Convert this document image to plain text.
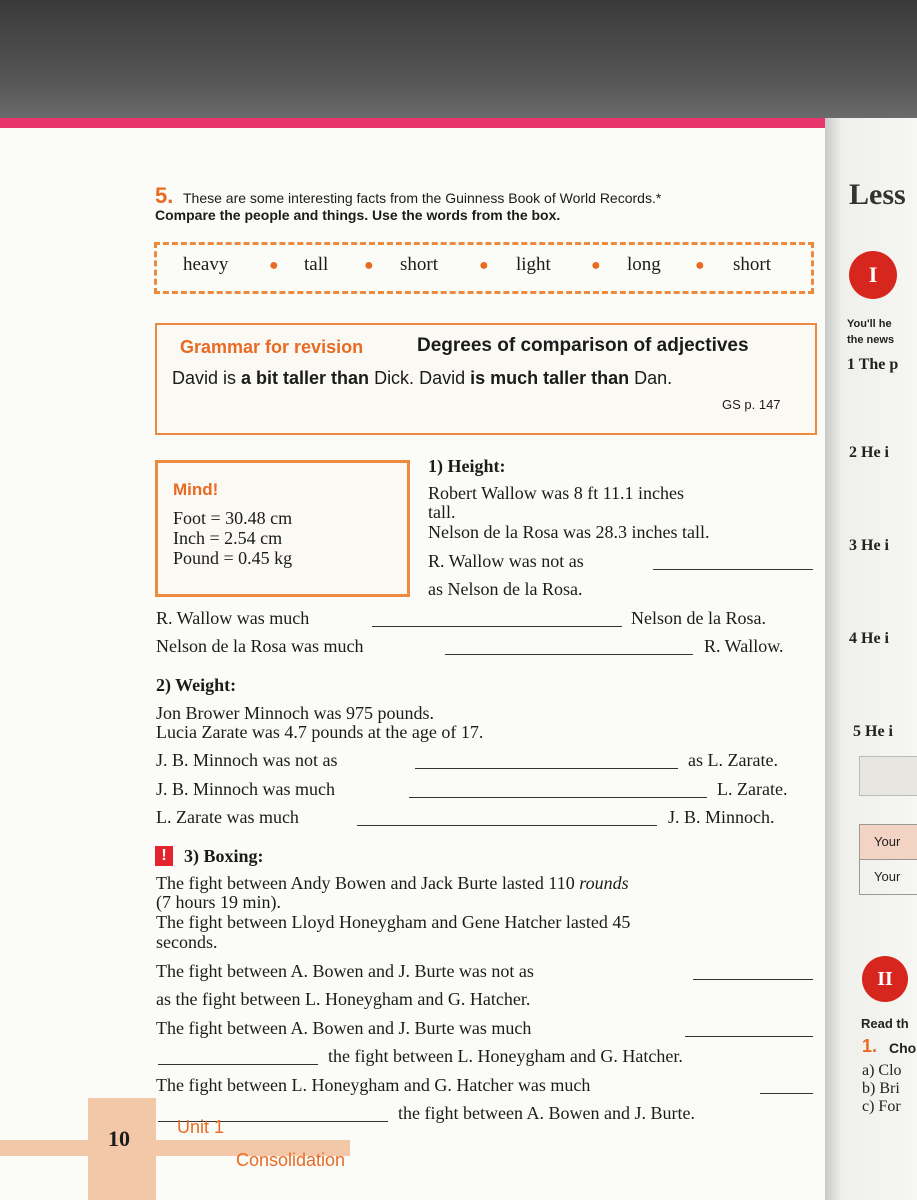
5. These are some interesting facts from the Guinness Book of World Records.*
Compare the people and things. Use the words from the box.
heavy	● tall ● short	● light	● long ● short
Grammar for revision	Degrees of comparison of adjectives
David is a bit taller than Dick. David is much taller than Dan.
GS p. 147
Mind!
Foot = 30.48 cm
Inch = 2.54 cm
Pound = 0.45 kg
1) Height:
Robert Wallow was 8 ft 11.1 inches
tall.
Nelson de la Rosa was 28.3 inches tall.
R. Wallow was not as
as Nelson de la Rosa.
R. Wallow was much	Nelson de la Rosa.
Nelson de la Rosa was much	R. Wallow.
2) Weight:
Jon Brower Minnoch was 975 pounds.
Lucia Zarate was 4.7 pounds at the age of 17.
J. B. Minnoch was not as	as L. Zarate.
J. B. Minnoch was much	L. Zarate.
L. Zarate was much	J. B. Minnoch.
! 3) Boxing:
The fight between Andy Bowen and Jack Burte lasted 110 rounds
(7 hours 19 min).
The fight between Lloyd Honeygham and Gene Hatcher lasted 45
seconds.
The fight between A. Bowen and J. Burte was not as
as the fight between L. Honeygham and G. Hatcher.
The fight between A. Bowen and J. Burte was much
the fight between L. Honeygham and G. Hatcher.
The fight between L. Honeygham and G. Hatcher was much
the fight between A. Bowen and J. Burte.
10	Unit 1
Consolidation
Less
I
You'll he
the news
1 The p
2 He i
3 He i
4 He i
5 He i
Your
Your
II
Read th
1. Cho
a) Clo
b) Bri
c) For
